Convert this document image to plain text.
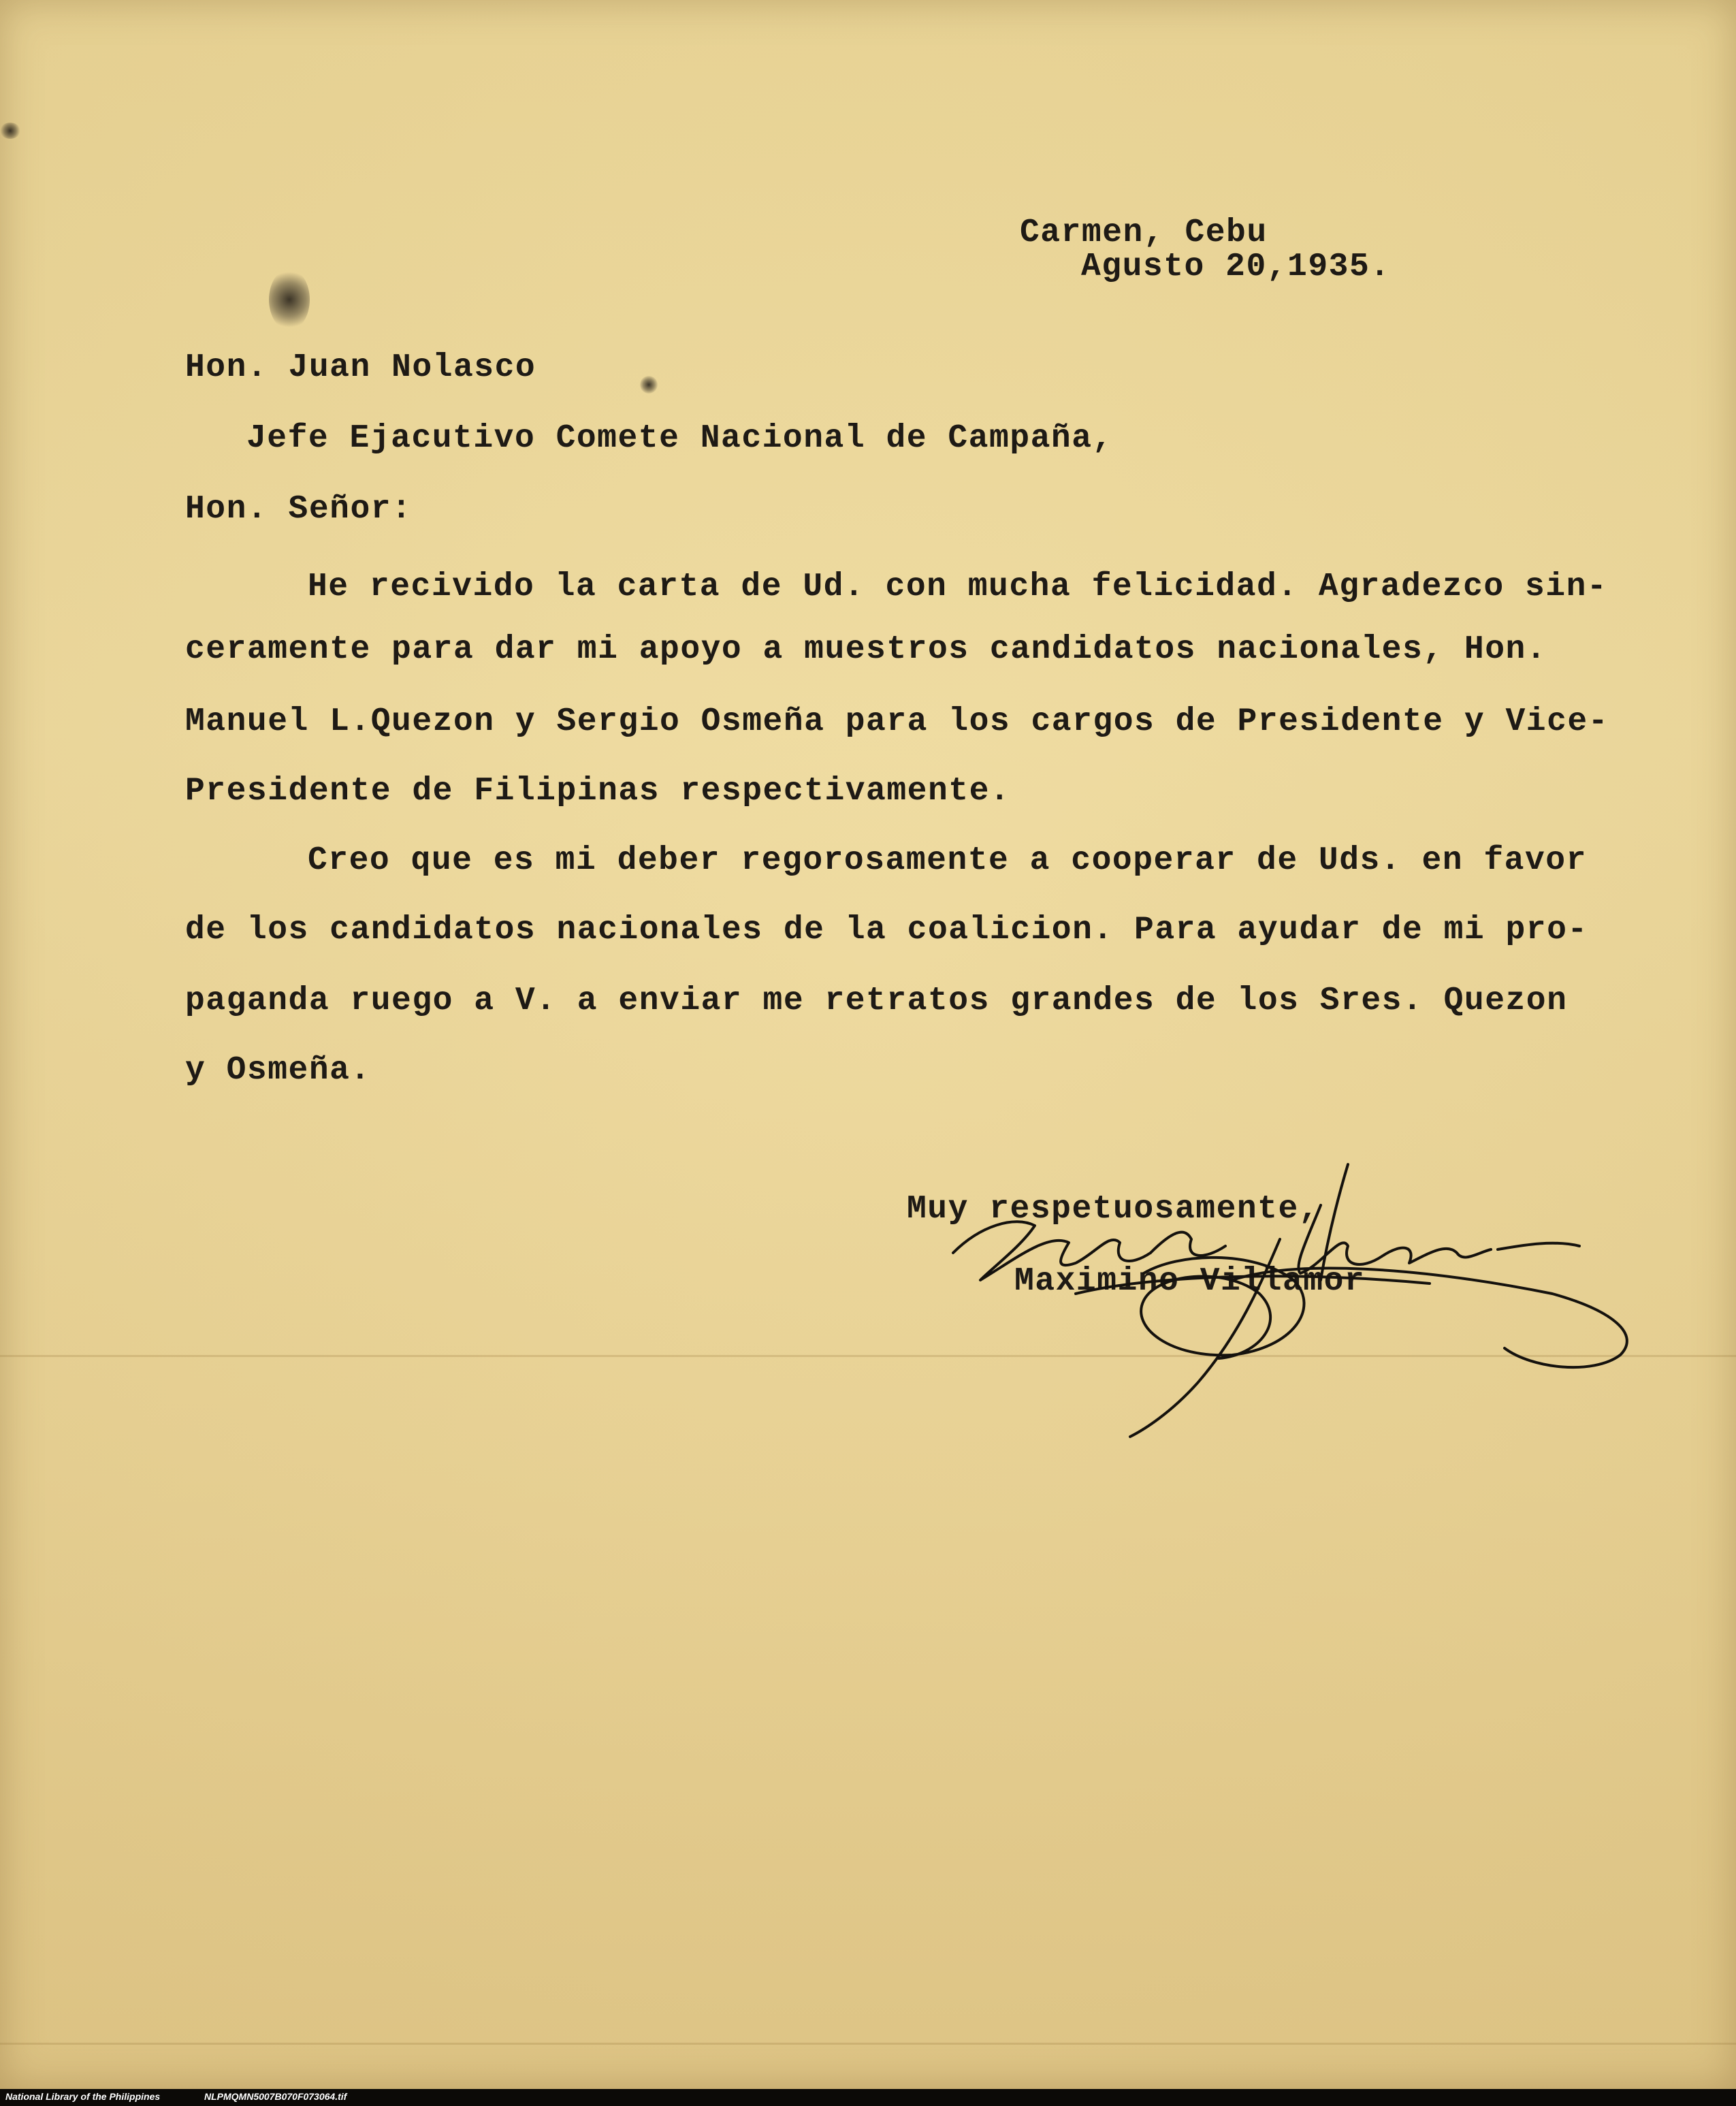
Carmen, Cebu
Agusto 20,1935.
Hon. Juan Nolasco
Jefe Ejacutivo Comete Nacional de Campaña,
Hon. Señor:
He recivido la carta de Ud. con mucha felicidad. Agradezco sin-
ceramente para dar mi apoyo a muestros candidatos nacionales, Hon.
Manuel L.Quezon y Sergio Osmeña para los cargos de Presidente y Vice-
Presidente de Filipinas respectivamente.
Creo que es mi deber regorosamente a cooperar de Uds. en favor
de los candidatos nacionales de la coalicion. Para ayudar de mi pro-
paganda ruego a V. a enviar me retratos grandes de los Sres. Quezon
y Osmeña.
Muy respetuosamente,
Maximino Villamor
National Library of the Philippines	NLPMQMN5007B070F073064.tif
